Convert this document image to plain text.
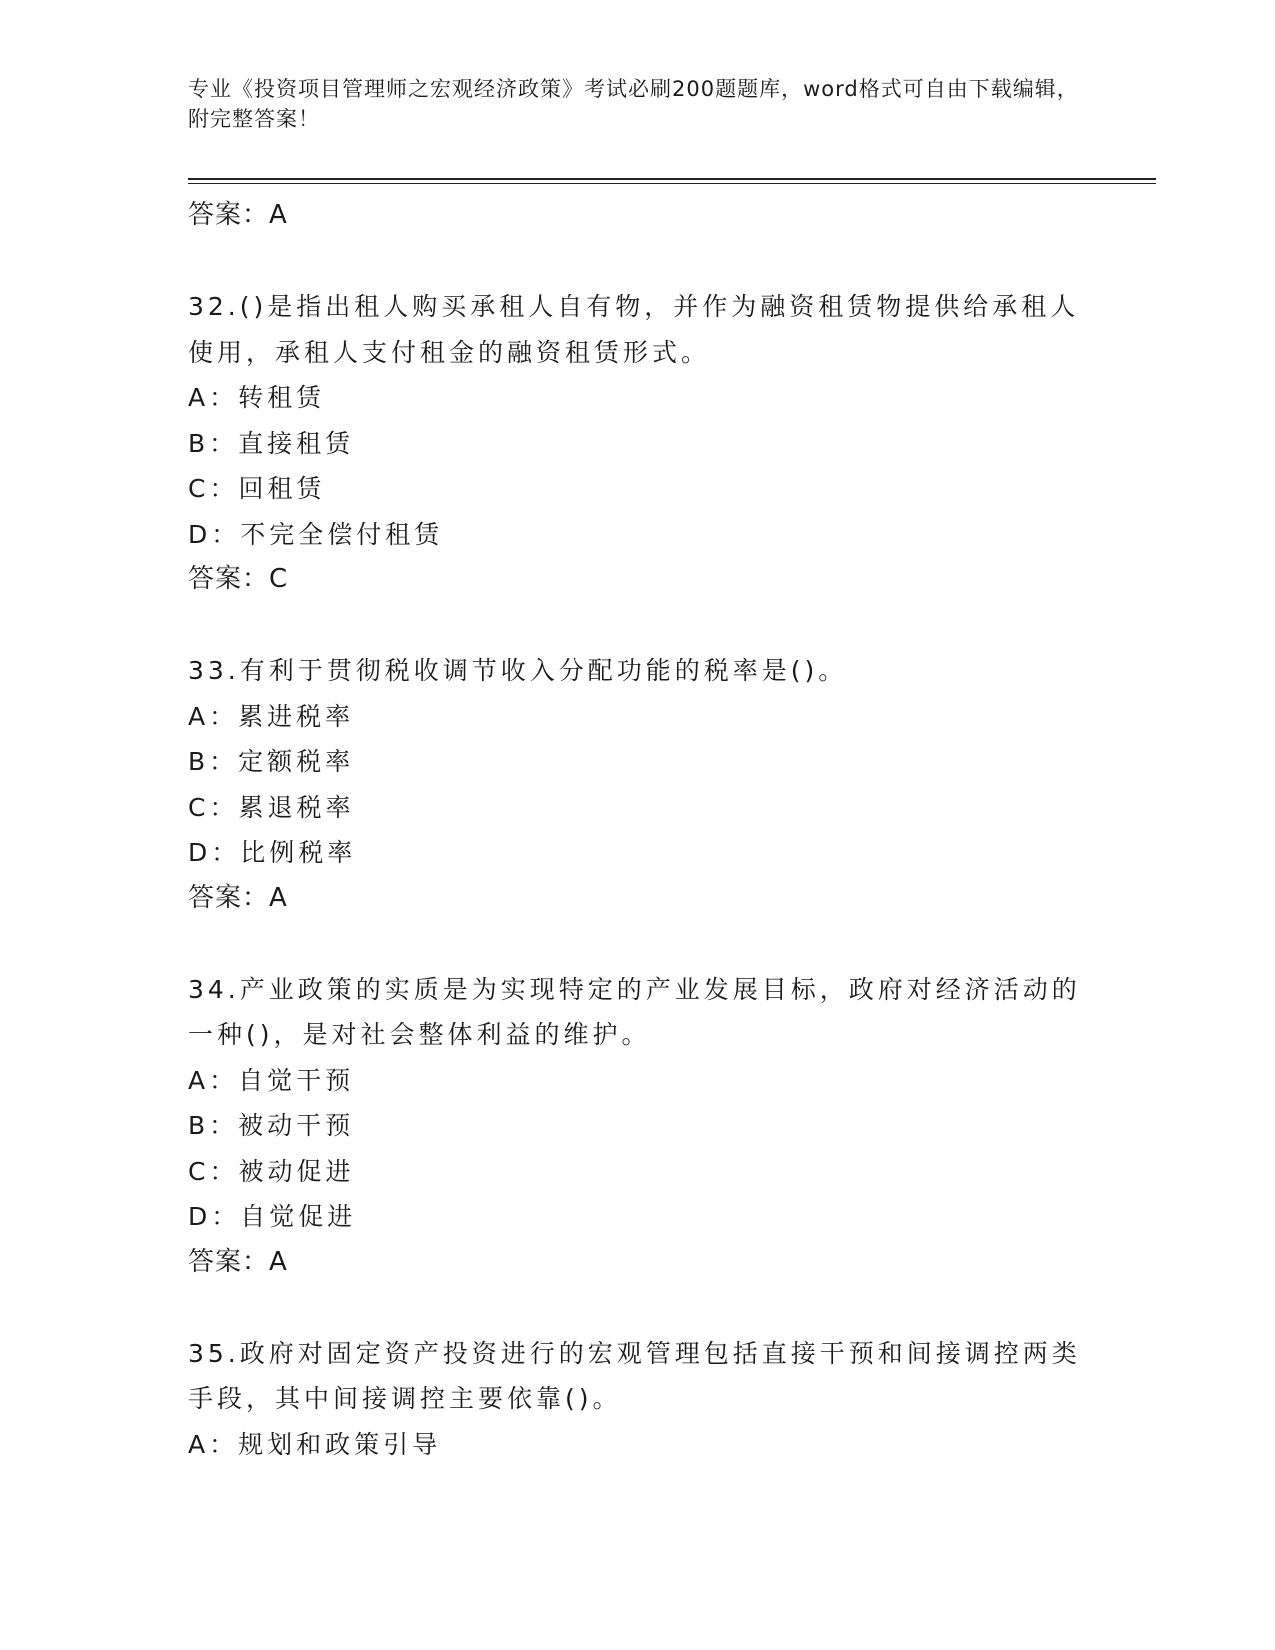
专业《投资项目管理师之宏观经济政策》考试必刷200题题库，word格式可自由下载编辑，附完整答案！

答案：A

32.()是指出租人购买承租人自有物，并作为融资租赁物提供给承租人使用，承租人支付租金的融资租赁形式。

A：转租赁

B：直接租赁

C：回租赁

D：不完全偿付租赁

答案：C

33.有利于贯彻税收调节收入分配功能的税率是()。

A：累进税率

B：定额税率

C：累退税率

D：比例税率

答案：A

34.产业政策的实质是为实现特定的产业发展目标，政府对经济活动的一种()，是对社会整体利益的维护。

A：自觉干预

B：被动干预

C：被动促进

D：自觉促进

答案：A

35.政府对固定资产投资进行的宏观管理包括直接干预和间接调控两类手段，其中间接调控主要依靠()。

A：规划和政策引导
